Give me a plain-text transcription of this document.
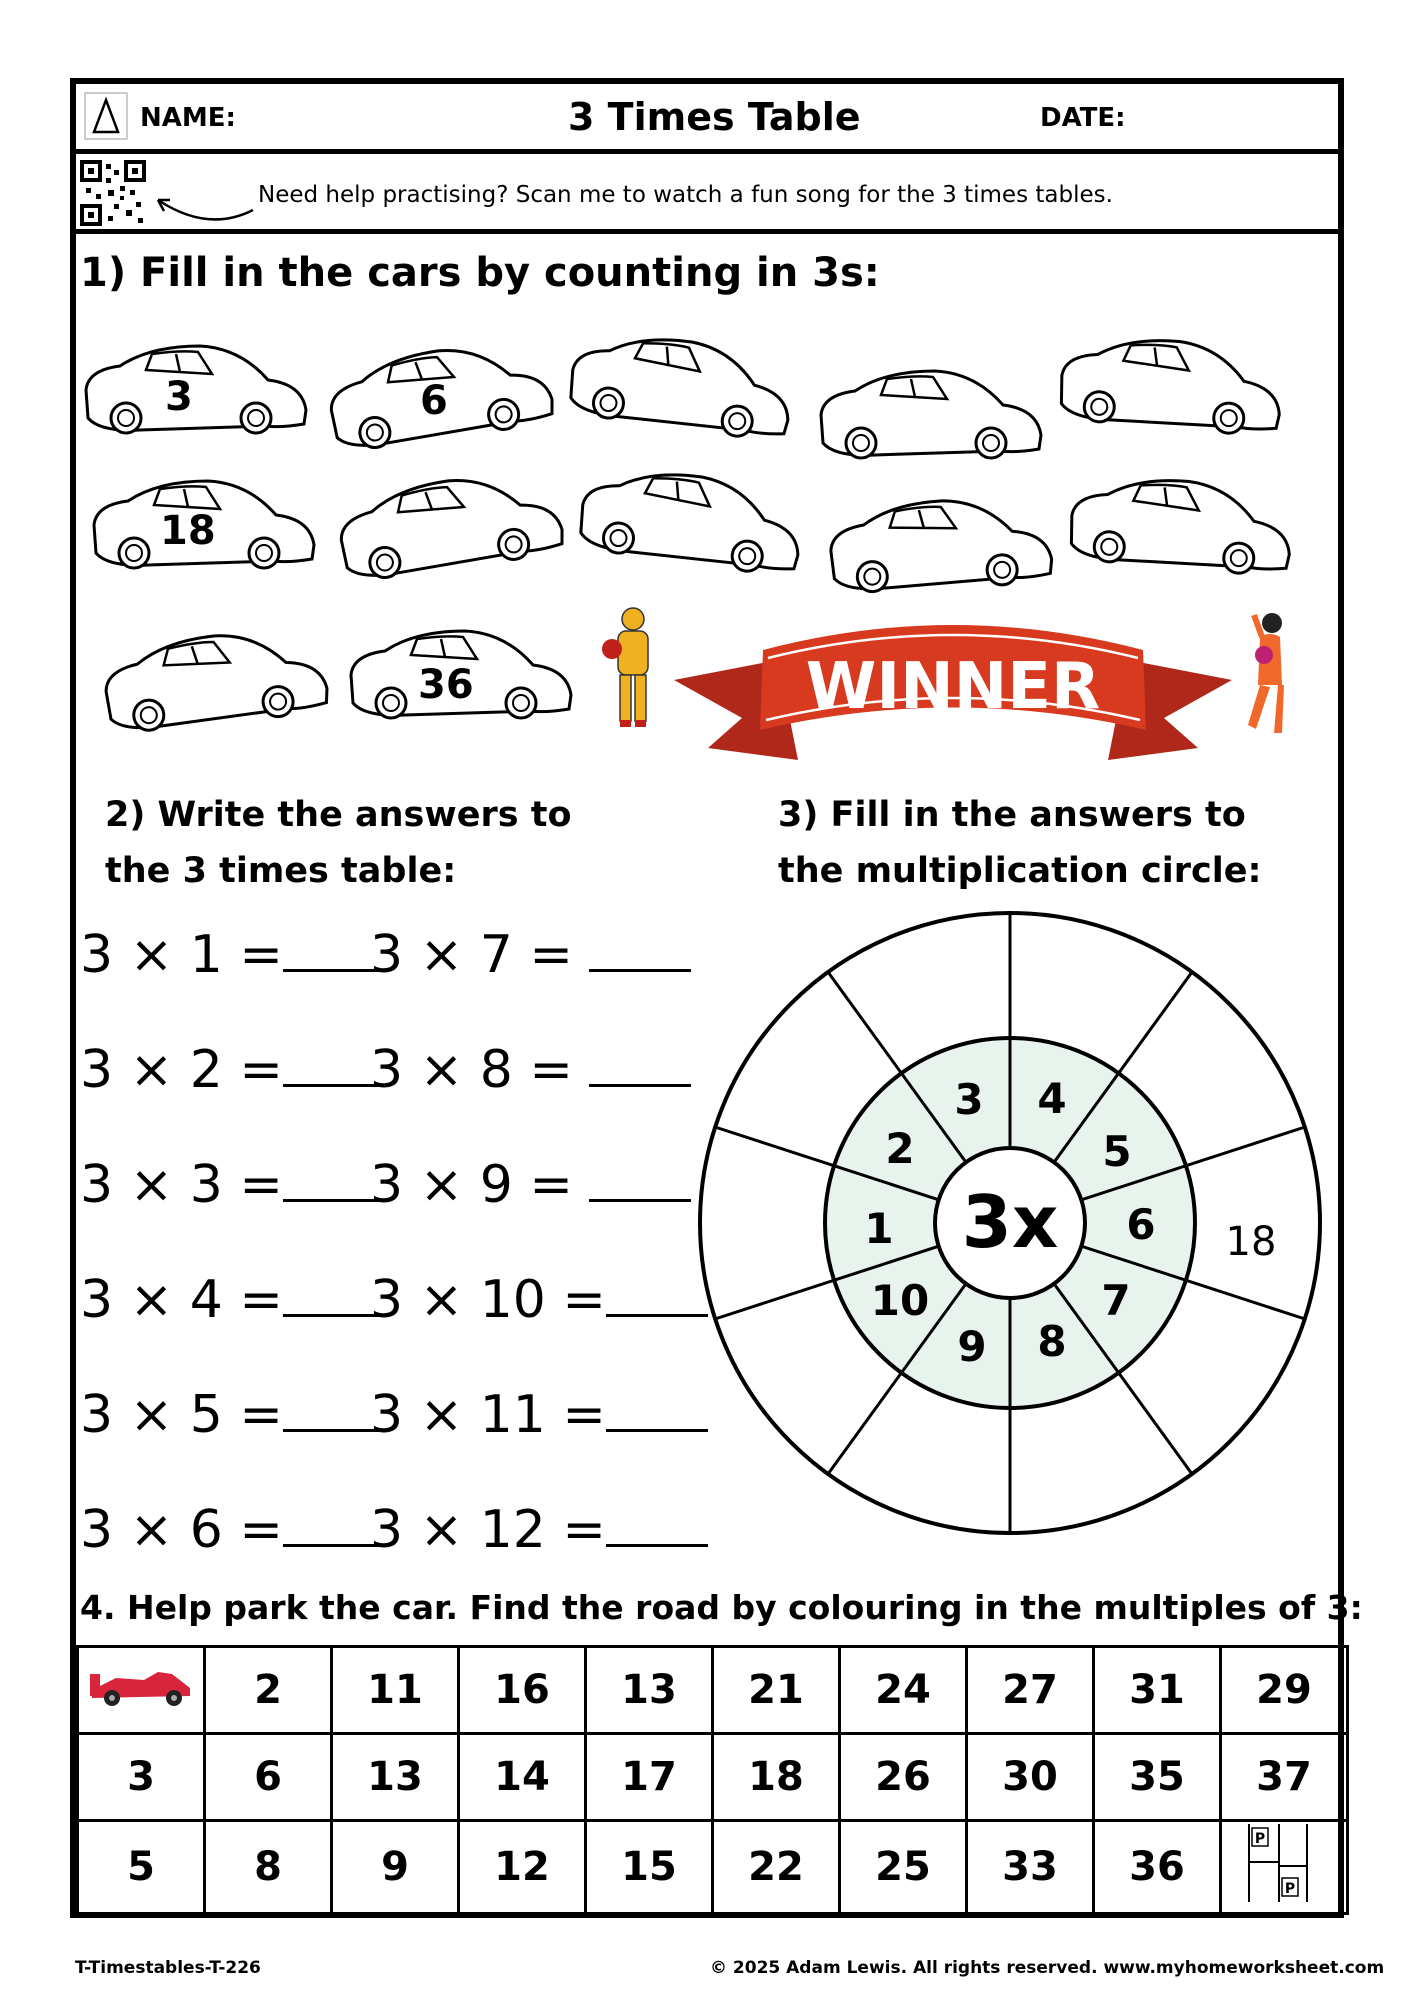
NAME:	3 Times Table	DATE:
Need help practising? Scan me to watch a fun song for the 3 times tables.
1) Fill in the cars by counting in 3s:
3	6
18
36	WINNER
2) Write the answers to
the 3 times table:
3) Fill in the answers to
the multiplication circle:
3 × 1 =	3 × 7 =
3 × 2 =	3 × 8 =
3 × 3 =	3 × 9 =
3 × 4 =	3 × 10 =
3 × 5 =	3 × 11 =
3 × 6 =	3 × 12 =
3x
3 4
5
6
7
8
9
10
1
2
18
4. Help park the car. Find the road by colouring in the multiples of 3:
	2	11	16	13	21	24	27	31	29
3	6	13	14	17	18	26	30	35	37
5	8	9	12	15	22	25	33	36	P
P
T-Timestables-T-226	© 2025 Adam Lewis. All rights reserved. www.myhomeworksheet.com
